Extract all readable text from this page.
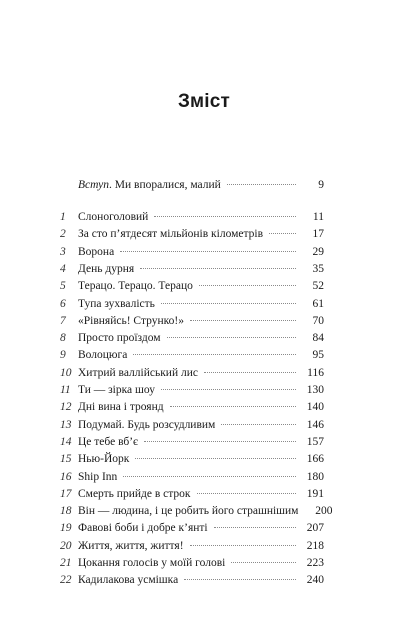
Зміст
Вступ. Ми впоралися, малий	9
1	Слоноголовий	11
2	За сто п’ятдесят мільйонів кілометрів	17
3	Ворона	29
4	День дурня	35
5	Терацо. Терацо. Терацо	52
6	Тупа зухвалість	61
7	«Рівняйсь! Струнко!»	70
8	Просто проїздом	84
9	Волоцюга	95
10 Хитрий валлійський лис	116
11 Ти — зірка шоу	130
12 Дні вина і троянд	140
13 Подумай. Будь розсудливим	146
14 Це тебе вб’є	157
15 Нью-Йорк	166
16 Ship Inn	180
17 Смерть прийде в строк	191
18 Він — людина, і це робить його страшнішим	200
19 Фавові боби і добре к’янті	207
20 Життя, життя, життя!	218
21 Цокання голосів у моїй голові	223
22 Кадилакова усмішка	240
